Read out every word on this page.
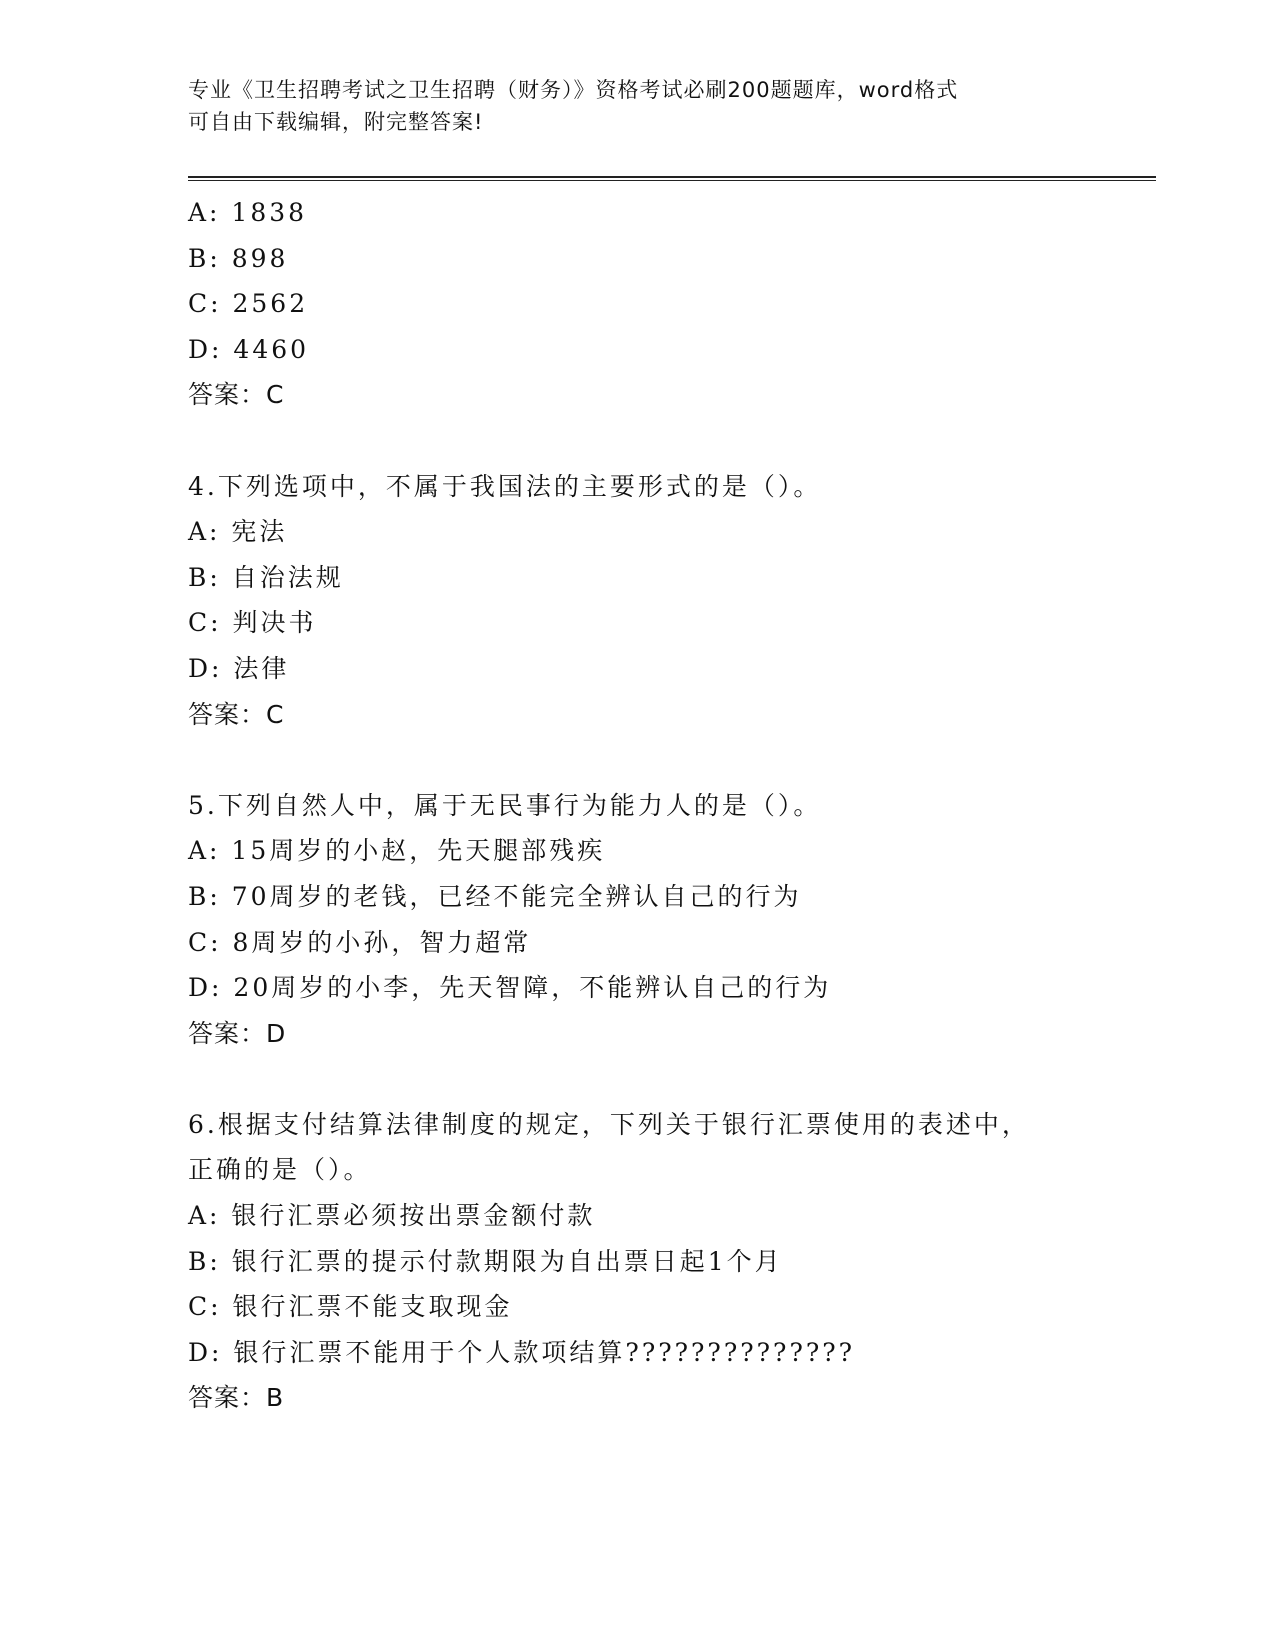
专业《卫生招聘考试之卫生招聘（财务）》资格考试必刷200题题库，word格式
可自由下载编辑，附完整答案!
A: 1838
B: 898
C: 2562
D: 4460
答案：C
4.下列选项中，不属于我国法的主要形式的是（）。
A: 宪法
B: 自治法规
C: 判决书
D: 法律
答案：C
5.下列自然人中，属于无民事行为能力人的是（）。
A: 15周岁的小赵，先天腿部残疾
B: 70周岁的老钱，已经不能完全辨认自己的行为
C: 8周岁的小孙，智力超常
D: 20周岁的小李，先天智障，不能辨认自己的行为
答案：D
6.根据支付结算法律制度的规定，下列关于银行汇票使用的表述中，
正确的是（）。
A: 银行汇票必须按出票金额付款
B: 银行汇票的提示付款期限为自出票日起1个月
C: 银行汇票不能支取现金
D: 银行汇票不能用于个人款项结算??????????????
答案：B
